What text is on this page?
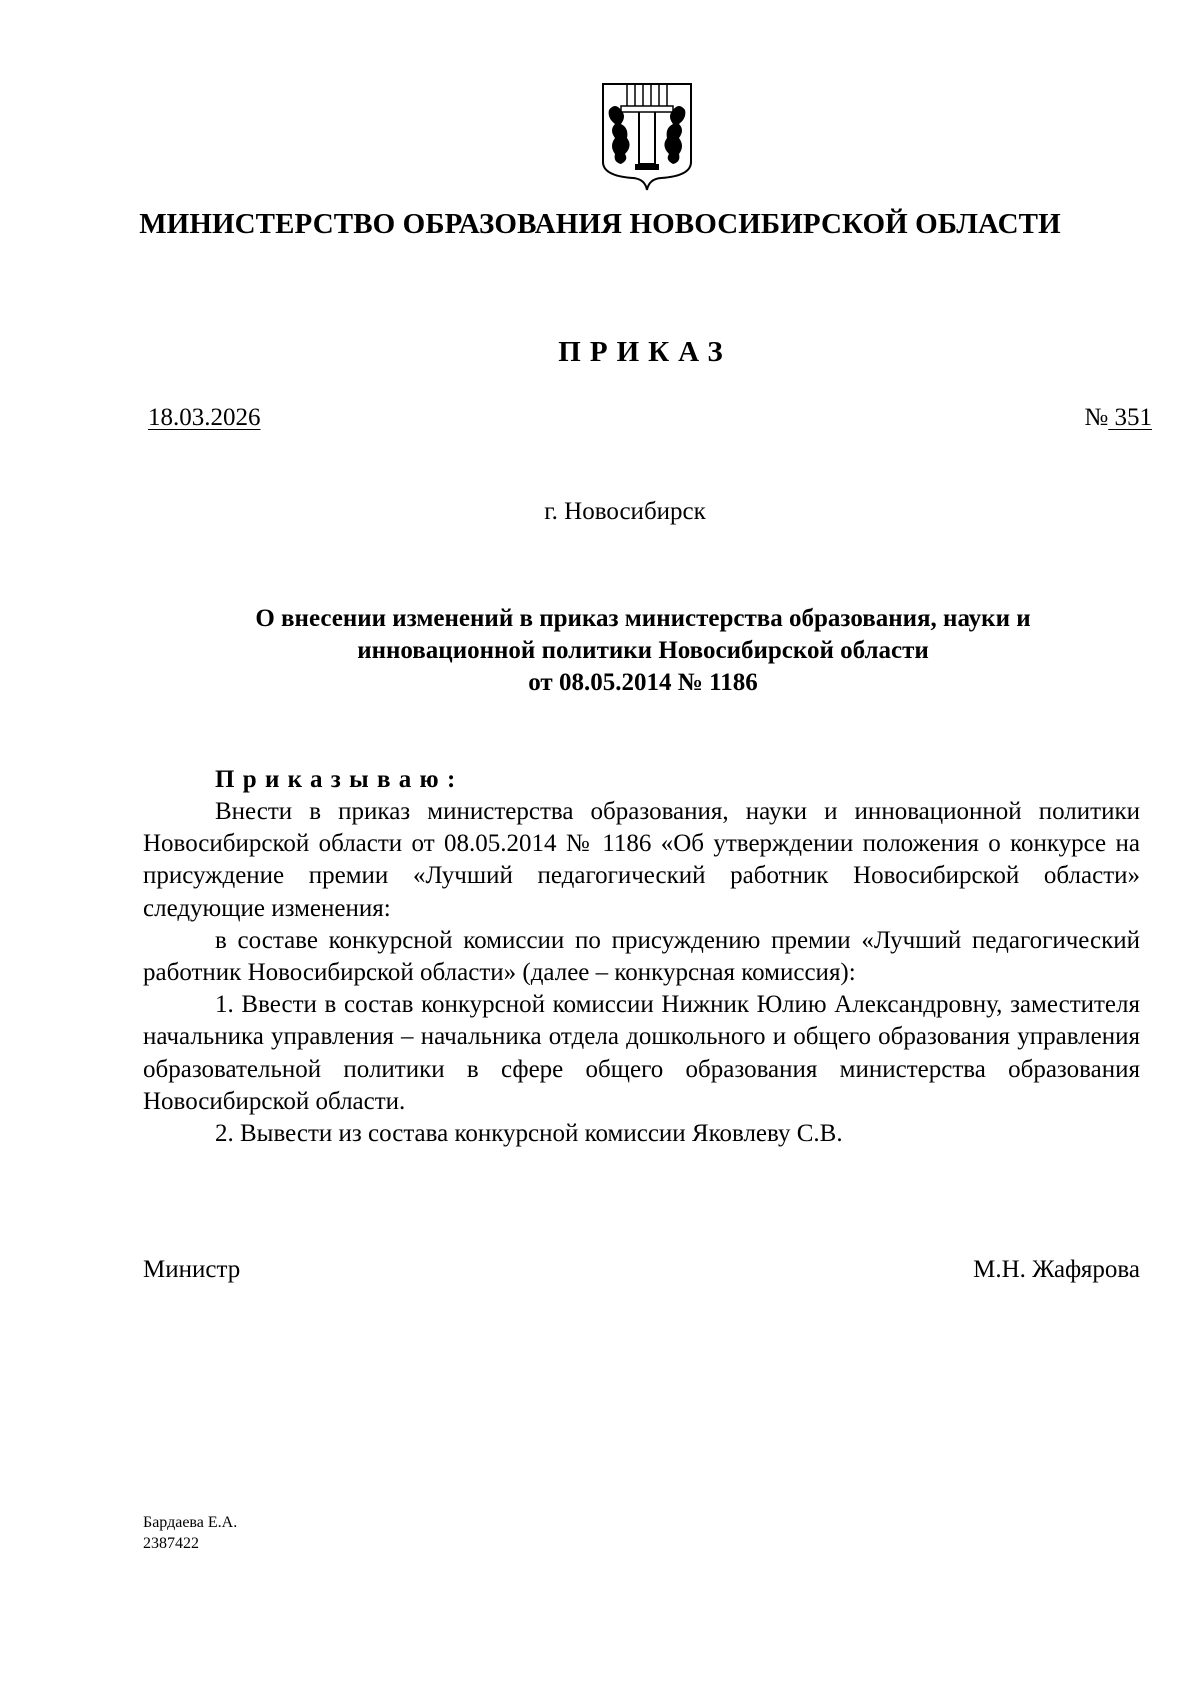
МИНИСТЕРСТВО ОБРАЗОВАНИЯ НОВОСИБИРСКОЙ ОБЛАСТИ
ПРИКАЗ
18.03.2026	№ 351
г. Новосибирск
О внесении изменений в приказ министерства образования, науки и
инновационной политики Новосибирской области
от 08.05.2014 № 1186
Приказываю:

Внести в приказ министерства образования, науки и инновационной политики Новосибирской области от 08.05.2014 № 1186 «Об утверждении положения о конкурсе на присуждение премии «Лучший педагогический работник Новосибирской области» следующие изменения:

в составе конкурсной комиссии по присуждению премии «Лучший педагогический работник Новосибирской области» (далее – конкурсная комиссия):

1. Ввести в состав конкурсной комиссии Нижник Юлию Александровну, заместителя начальника управления – начальника отдела дошкольного и общего образования управления образовательной политики в сфере общего образования министерства образования Новосибирской области.

2. Вывести из состава конкурсной комиссии Яковлеву С.В.

Министр	М.Н. Жафярова
Бардаева Е.А.
2387422
